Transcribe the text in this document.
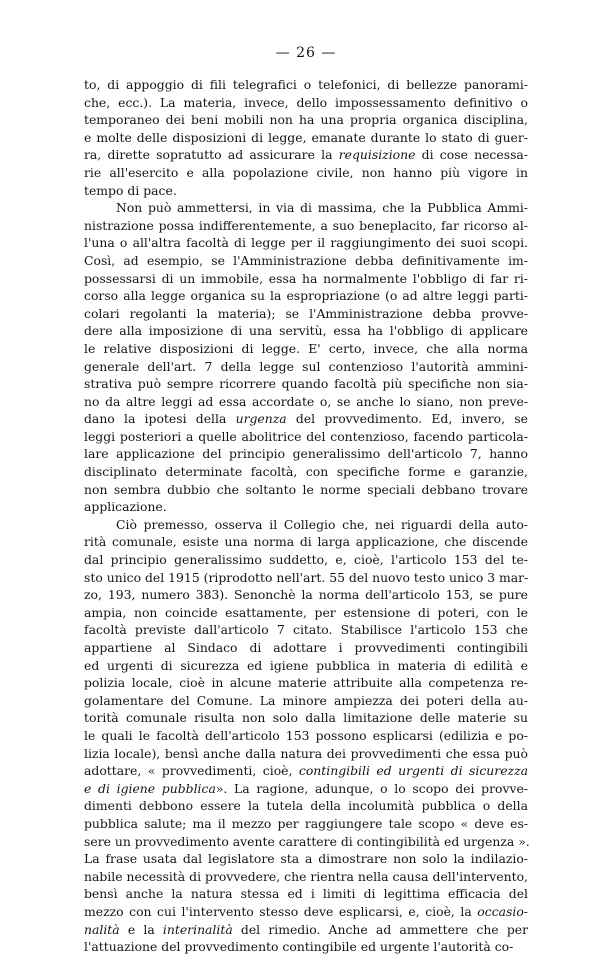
— 26 —
to, di appoggio di fili telegrafici o telefonici, di bellezze panorami-
che, ecc.). La materia, invece, dello impossessamento definitivo o
temporaneo dei beni mobili non ha una propria organica disciplina,
e molte delle disposizioni di legge, emanate durante lo stato di guer-
ra, dirette sopratutto ad assicurare la requisizione di cose necessa-
rie all'esercito e alla popolazione civile, non hanno più vigore in
tempo di pace.
Non può ammettersi, in via di massima, che la Pubblica Ammi-
nistrazione possa indifferentemente, a suo beneplacito, far ricorso al-
l'una o all'altra facoltà di legge per il raggiungimento dei suoi scopi.
Così, ad esempio, se l'Amministrazione debba definitivamente im-
possessarsi di un immobile, essa ha normalmente l'obbligo di far ri-
corso alla legge organica su la espropriazione (o ad altre leggi parti-
colari regolanti la materia); se l'Amministrazione debba provve-
dere alla imposizione di una servitù, essa ha l'obbligo di applicare
le relative disposizioni di legge. E' certo, invece, che alla norma
generale dell'art. 7 della legge sul contenzioso l'autorità ammini-
strativa può sempre ricorrere quando facoltà più specifiche non sia-
no da altre leggi ad essa accordate o, se anche lo siano, non preve-
dano la ipotesi della urgenza del provvedimento. Ed, invero, se
leggi posteriori a quelle abolitrice del contenzioso, facendo particola-
lare applicazione del principio generalissimo dell'articolo 7, hanno
disciplinato determinate facoltà, con specifiche forme e garanzie,
non sembra dubbio che soltanto le norme speciali debbano trovare
applicazione.
Ciò premesso, osserva il Collegio che, nei riguardi della auto-
rità comunale, esiste una norma di larga applicazione, che discende
dal principio generalissimo suddetto, e, cioè, l'articolo 153 del te-
sto unico del 1915 (riprodotto nell'art. 55 del nuovo testo unico 3 mar-
zo, 193, numero 383). Senonchè la norma dell'articolo 153, se pure
ampia, non coincide esattamente, per estensione di poteri, con le
facoltà previste dall'articolo 7 citato. Stabilisce l'articolo 153 che
appartiene al Sindaco di adottare i provvedimenti contingibili
ed urgenti di sicurezza ed igiene pubblica in materia di edilità e
polizia locale, cioè in alcune materie attribuite alla competenza re-
golamentare del Comune. La minore ampiezza dei poteri della au-
torità comunale risulta non solo dalla limitazione delle materie su
le quali le facoltà dell'articolo 153 possono esplicarsi (edilizia e po-
lizia locale), bensì anche dalla natura dei provvedimenti che essa può
adottare, « provvedimenti, cioè, contingibili ed urgenti di sicurezza
e di igiene pubblica». La ragione, adunque, o lo scopo dei provve-
dimenti debbono essere la tutela della incolumità pubblica o della
pubblica salute; ma il mezzo per raggiungere tale scopo « deve es-
sere un provvedimento avente carattere di contingibilità ed urgenza ».
La frase usata dal legislatore sta a dimostrare non solo la indilazio-
nabile necessità di provvedere, che rientra nella causa dell'intervento,
bensì anche la natura stessa ed i limiti di legittima efficacia del
mezzo con cui l'intervento stesso deve esplicarsi, e, cioè, la occasio-
nalità e la interinalità del rimedio. Anche ad ammettere che per
l'attuazione del provvedimento contingibile ed urgente l'autorità co-
